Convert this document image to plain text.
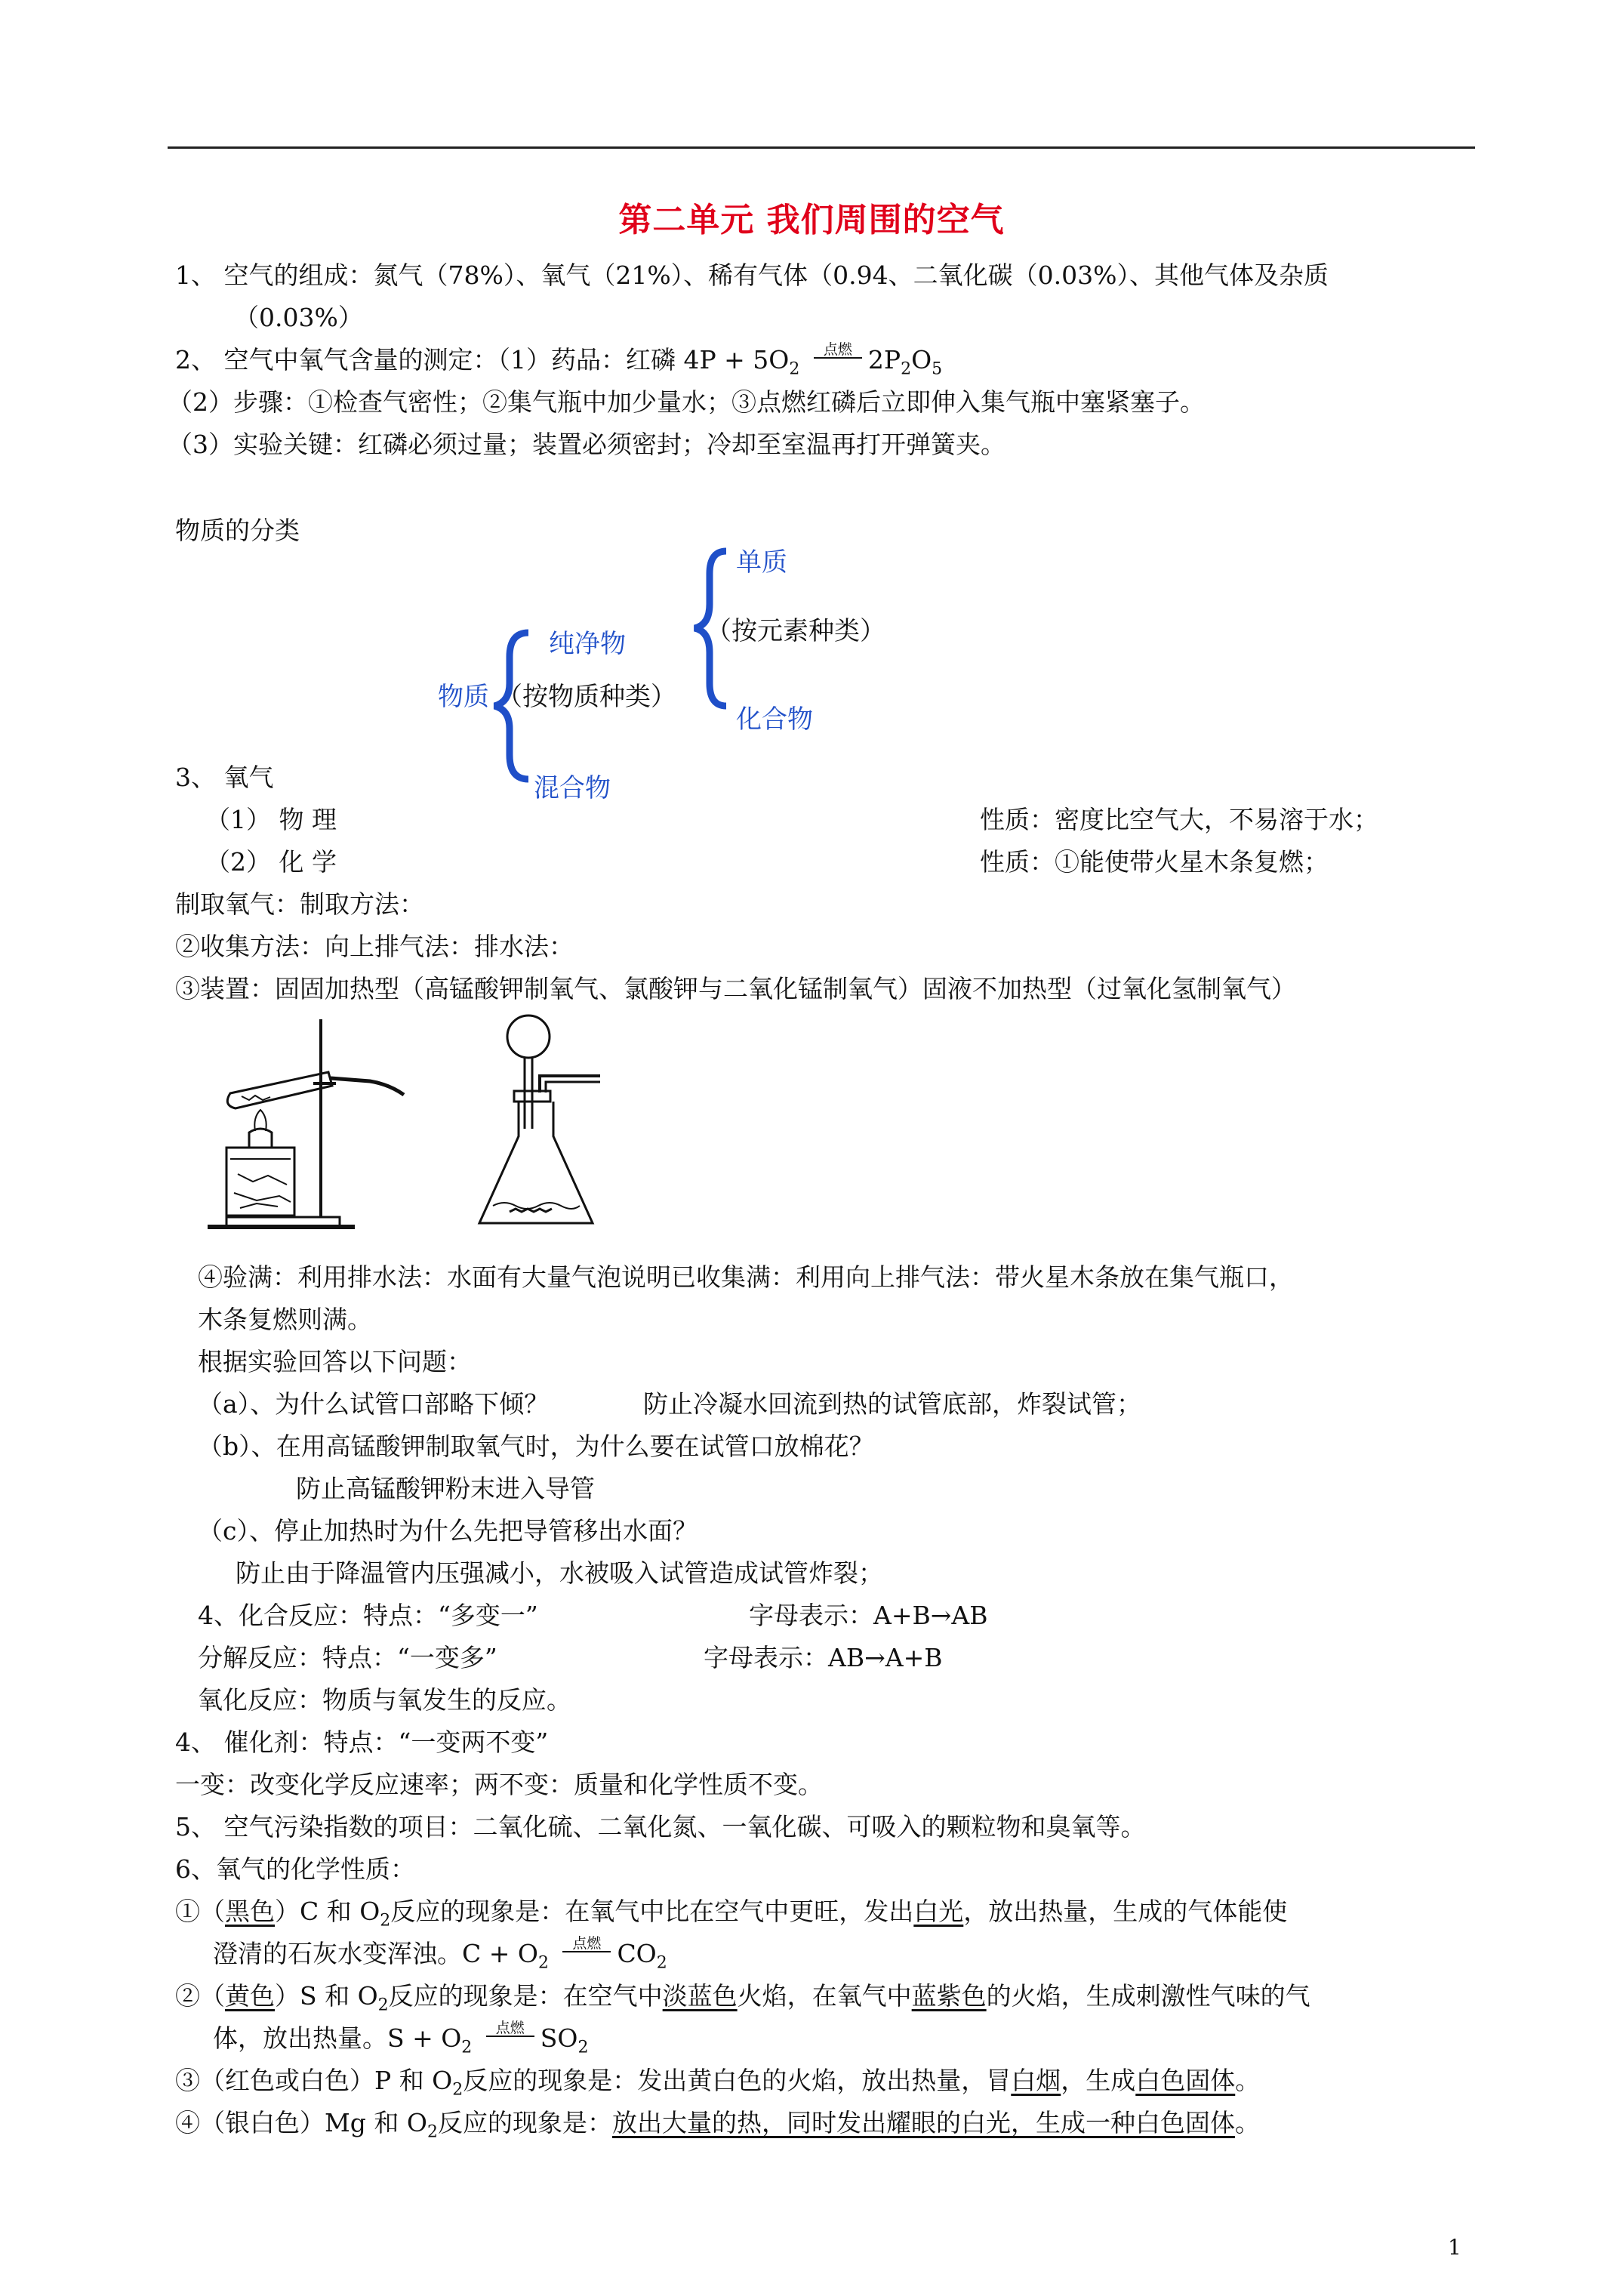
第二单元 我们周围的空气
1、 空气的组成：氮气（78%）、氧气（21%）、稀有气体（0.94、二氧化碳（0.03%）、其他气体及杂质
（0.03%）
2、 空气中氧气含量的测定：（1）药品：红磷 $4P + 5O_2$
点燃 $2P_2O_5$
（2）步骤：①检查气密性；②集气瓶中加少量水；③点燃红磷后立即伸入集气瓶中塞紧塞子。
（3）实验关键：红磷必须过量；装置必须密封；冷却至室温再打开弹簧夹。
物质的分类
纯净物
物质 （按物质种类）
混合物
单质
（按元素种类）
化合物
3、 氧气
（1） 物 理	性质：密度比空气大，不易溶于水；
（2） 化 学	性质：①能使带火星木条复燃；
制取氧气：制取方法：
②收集方法：向上排气法：排水法：
③装置：固固加热型（高锰酸钾制氧气、氯酸钾与二氧化锰制氧气）固液不加热型（过氧化氢制氧气）
④验满：利用排水法：水面有大量气泡说明已收集满：利用向上排气法：带火星木条放在集气瓶口，
木条复燃则满。
根据实验回答以下问题：
（a）、为什么试管口部略下倾？	防止冷凝水回流到热的试管底部，炸裂试管；
（b）、在用高锰酸钾制取氧气时，为什么要在试管口放棉花？
防止高锰酸钾粉末进入导管
（c）、停止加热时为什么先把导管移出水面？
防止由于降温管内压强减小，水被吸入试管造成试管炸裂；
4、化合反应：特点：“多变一”	字母表示：A+B→AB
分解反应：特点：“一变多”	字母表示：AB→A+B
氧化反应：物质与氧发生的反应。
4、 催化剂：特点：“一变两不变”
一变：改变化学反应速率；两不变：质量和化学性质不变。
5、 空气污染指数的项目：二氧化硫、二氧化氮、一氧化碳、可吸入的颗粒物和臭氧等。
6、氧气的化学性质：
①（黑色）C 和 $O_2$反应的现象是：在氧气中比在空气中更旺，发出白光，放出热量，生成的气体能使
澄清的石灰水变浑浊。$C + O_2$
点燃 $CO_2$
②（黄色）S 和 $O_2$反应的现象是：在空气中淡蓝色火焰，在氧气中蓝紫色的火焰，生成刺激性气味的气
体，放出热量。$S + O_2$
点燃 $SO_2$
③（红色或白色）P 和 $O_2$反应的现象是：发出黄白色的火焰，放出热量，冒白烟，生成白色固体。
④（银白色）Mg 和 $O_2$反应的现象是：放出大量的热，同时发出耀眼的白光，生成一种白色固体。
1
